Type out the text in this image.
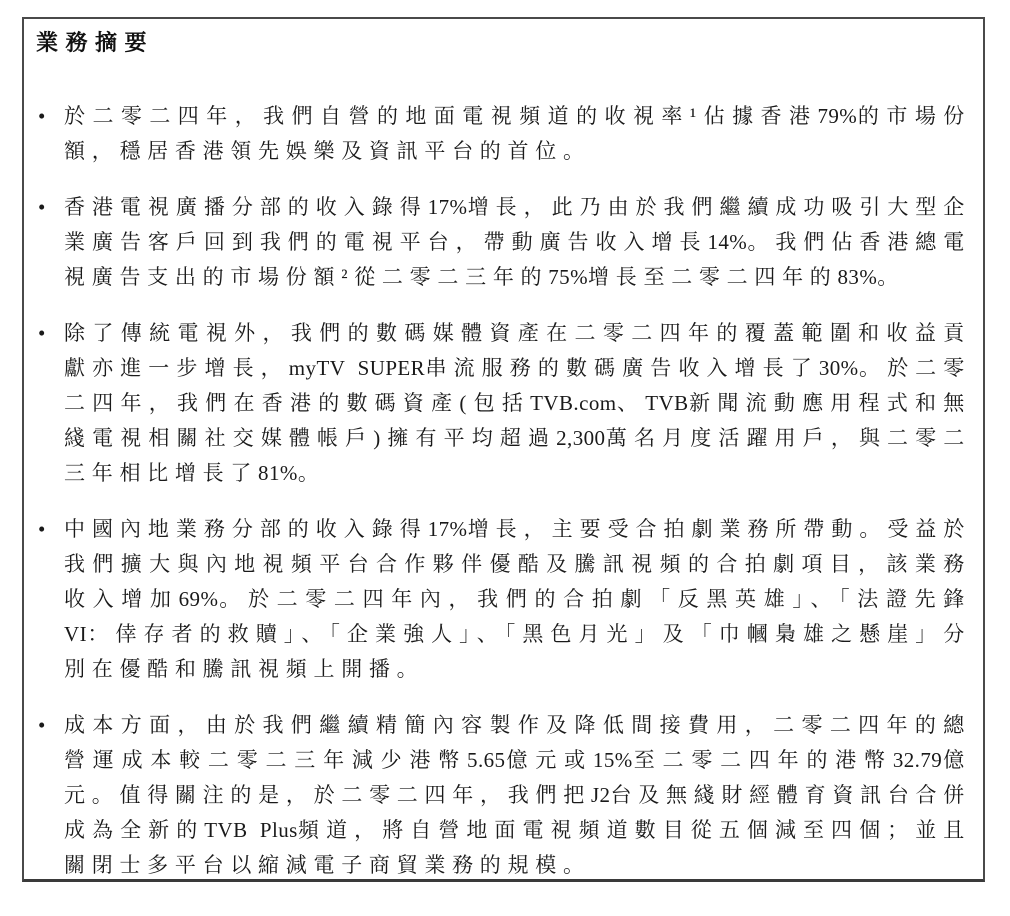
業務摘要
• 於二零二四年，我們自營的地面電視頻道的收視率¹佔據香港79%的市場份額，穩居香港領先娛樂及資訊平台的首位。
• 香港電視廣播分部的收入錄得17%增長，此乃由於我們繼續成功吸引大型企業廣告客戶回到我們的電視平台，帶動廣告收入增長14%。我們佔香港總電視廣告支出的市場份額²從二零二三年的75%增長至二零二四年的83%。
• 除了傳統電視外，我們的數碼媒體資產在二零二四年的覆蓋範圍和收益貢獻亦進一步增長，myTV SUPER串流服務的數碼廣告收入增長了30%。於二零二四年，我們在香港的數碼資產(包括TVB.com、TVB新聞流動應用程式和無綫電視相關社交媒體帳戶)擁有平均超過2,300萬名月度活躍用戶，與二零二三年相比增長了81%。
• 中國內地業務分部的收入錄得17%增長，主要受合拍劇業務所帶動。受益於我們擴大與內地視頻平台合作夥伴優酷及騰訊視頻的合拍劇項目，該業務收入增加69%。於二零二四年內，我們的合拍劇「反黑英雄」、「法證先鋒VI：倖存者的救贖」、「企業強人」、「黑色月光」及「巾幗梟雄之懸崖」分別在優酷和騰訊視頻上開播。
• 成本方面，由於我們繼續精簡內容製作及降低間接費用，二零二四年的總營運成本較二零二三年減少港幣5.65億元或15%至二零二四年的港幣32.79億元。值得關注的是，於二零二四年，我們把J2台及無綫財經體育資訊台合併成為全新的TVB Plus頻道，將自營地面電視頻道數目從五個減至四個；並且關閉士多平台以縮減電子商貿業務的規模。
